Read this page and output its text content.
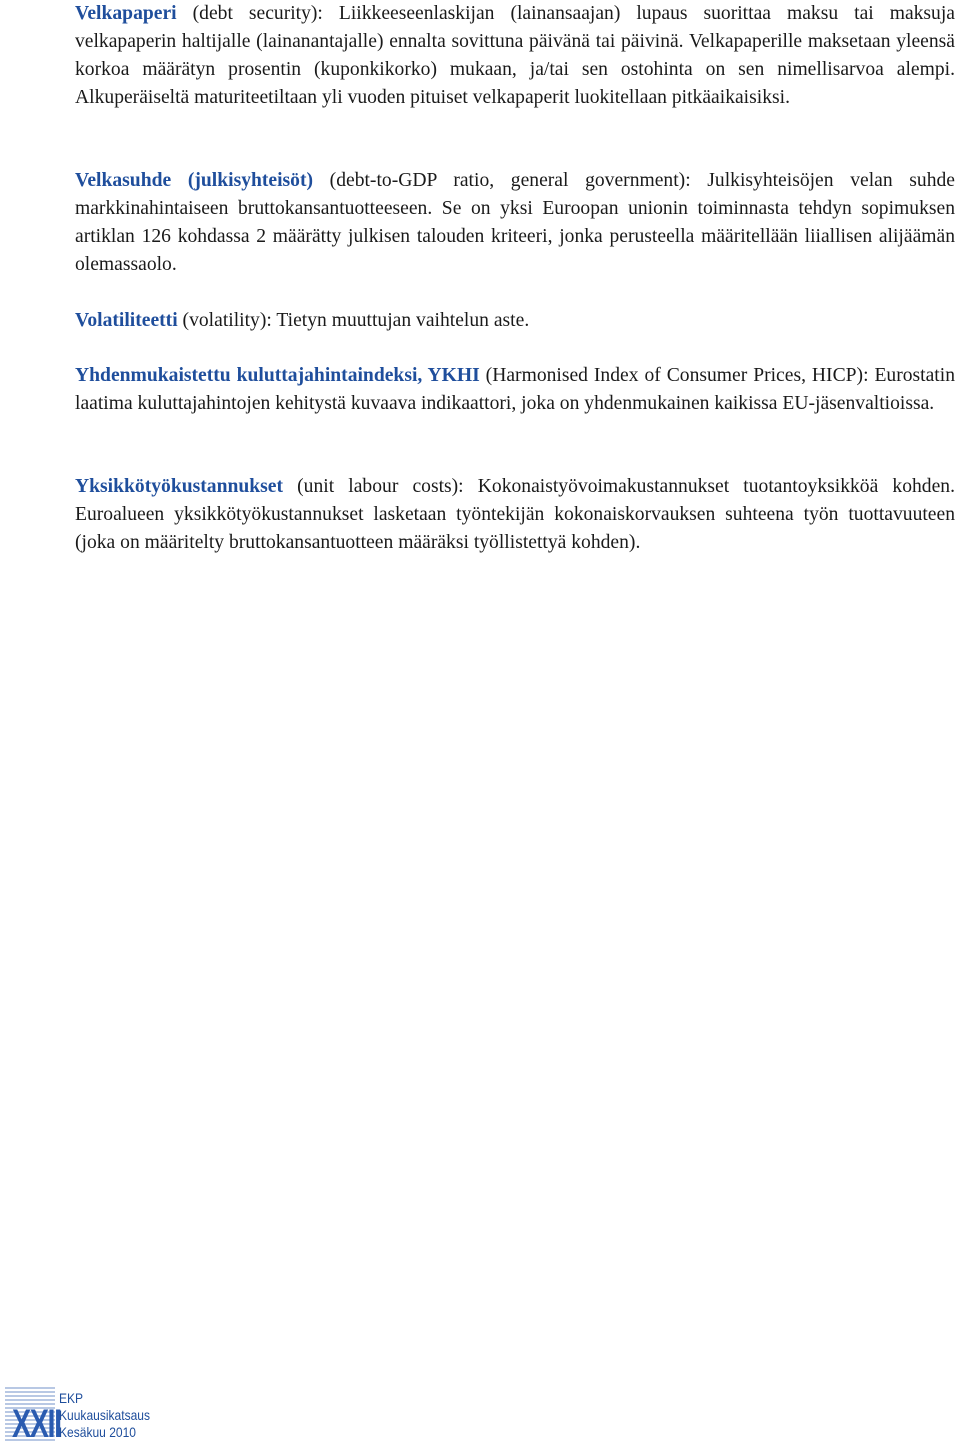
Velkapaperi (debt security): Liikkeeseenlaskijan (lainansaajan) lupaus suorittaa maksu tai maksuja velkapaperin haltijalle (lainanantajalle) ennalta sovittuna päivänä tai päivinä. Velkapaperille maksetaan yleensä korkoa määrätyn prosentin (kuponkikorko) mukaan, ja/tai sen ostohinta on sen nimellisarvoa alempi. Alkuperäiseltä maturiteetiltaan yli vuoden pituiset velkapaperit luokitellaan pitkäaikaisiksi.

Velkasuhde (julkisyhteisöt) (debt-to-GDP ratio, general government): Julkisyhteisöjen velan suhde markkinahintaiseen bruttokansantuotteeseen. Se on yksi Euroopan unionin toiminnasta tehdyn sopimuksen artiklan 126 kohdassa 2 määrätty julkisen talouden kriteeri, jonka perusteella määritellään liiallisen alijäämän olemassaolo.

Volatiliteetti (volatility): Tietyn muuttujan vaihtelun aste.

Yhdenmukaistettu kuluttajahintaindeksi, YKHI (Harmonised Index of Consumer Prices, HICP): Eurostatin laatima kuluttajahintojen kehitystä kuvaava indikaattori, joka on yhdenmukainen kaikissa EU-jäsenvaltioissa.

Yksikkötyökustannukset (unit labour costs): Kokonaistyövoimakustannukset tuotantoyksikköä kohden. Euroalueen yksikkötyökustannukset lasketaan työntekijän kokonaiskorvauksen suhteena työn tuottavuuteen (joka on määritelty bruttokansantuotteen määräksi työllistettyä kohden).

XXII
EKP
Kuukausikatsaus
Kesäkuu 2010
